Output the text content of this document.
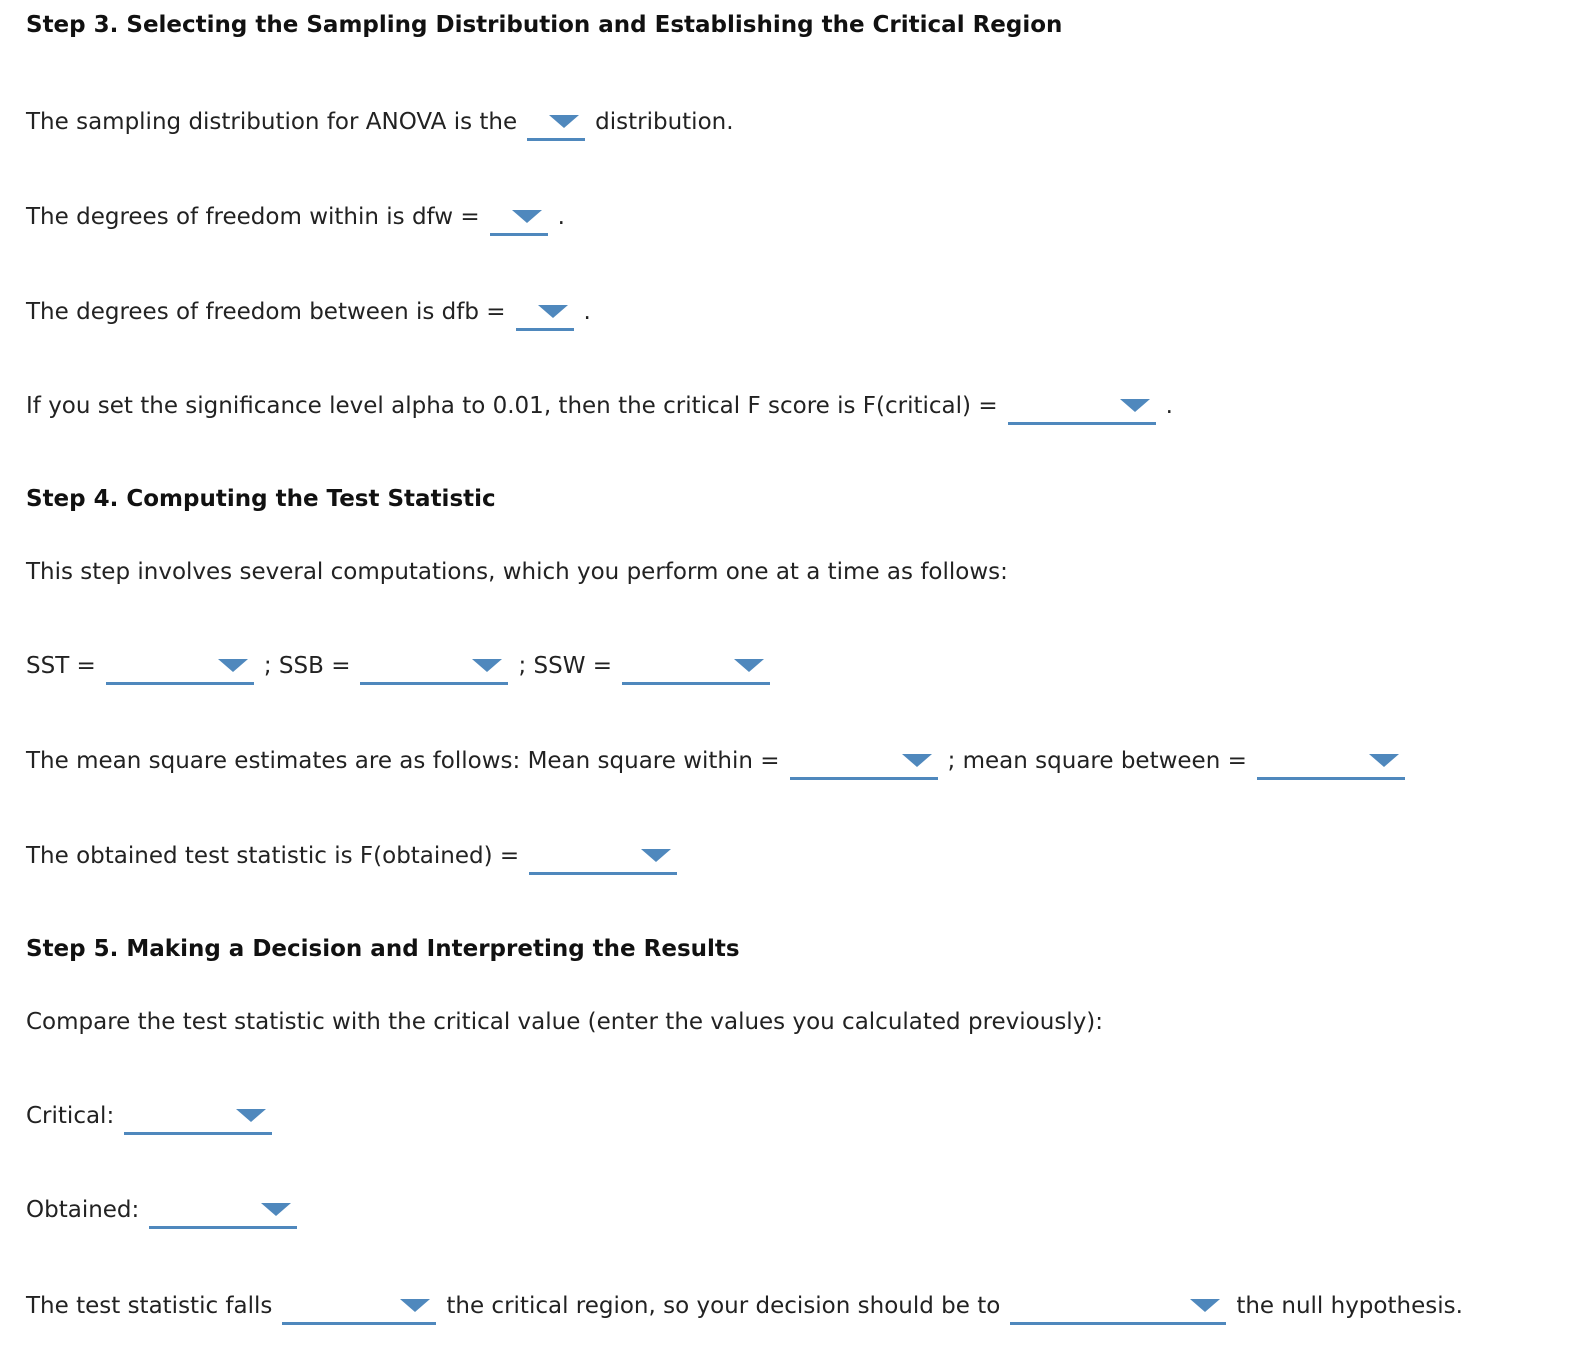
Step 3. Selecting the Sampling Distribution and Establishing the Critical Region
The sampling distribution for ANOVA is the	distribution.
The degrees of freedom within is dfw =	.
The degrees of freedom between is dfb =	.
If you set the significance level alpha to 0.01, then the critical F score is F(critical) =	.
Step 4. Computing the Test Statistic
This step involves several computations, which you perform one at a time as follows:
SST =	; SSB =	; SSW =
The mean square estimates are as follows: Mean square within =	; mean square between =
The obtained test statistic is F(obtained) =
Step 5. Making a Decision and Interpreting the Results
Compare the test statistic with the critical value (enter the values you calculated previously):
Critical:
Obtained:
The test statistic falls	the critical region, so your decision should be to	the null hypothesis.
